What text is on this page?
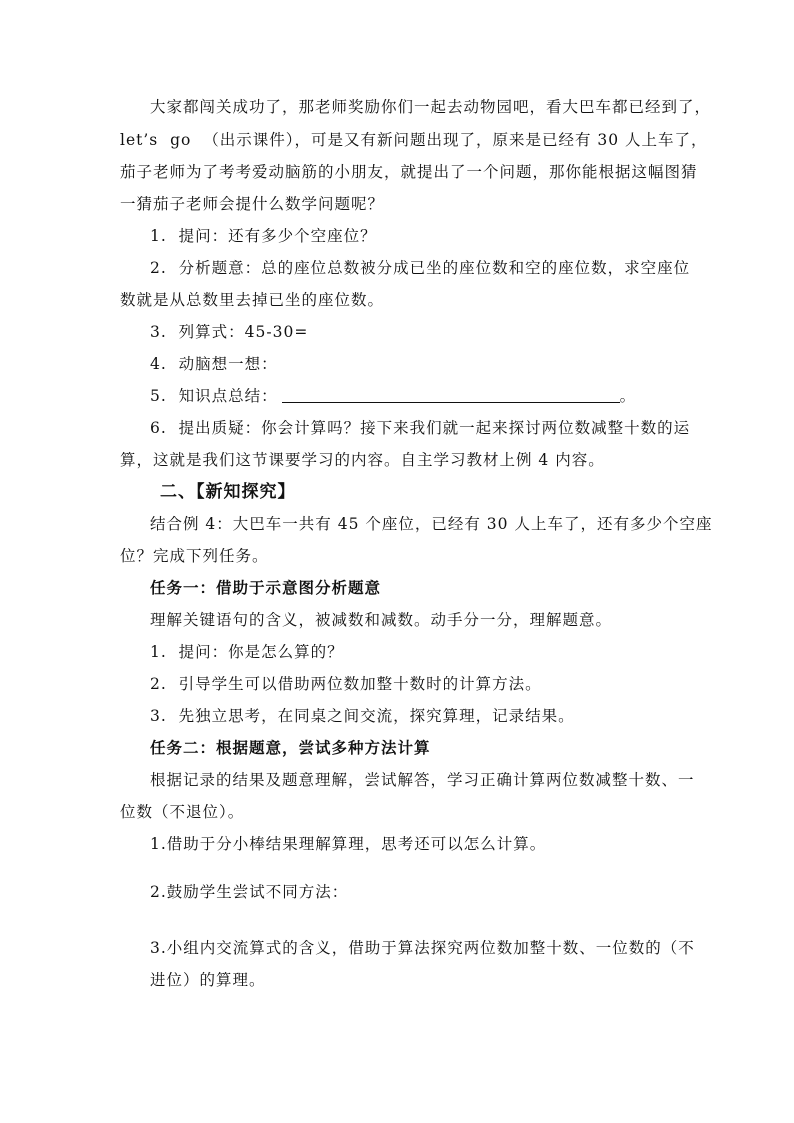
大家都闯关成功了，那老师奖励你们一起去动物园吧，看大巴车都已经到了，
let’s  go  （出示课件），可是又有新问题出现了，原来是已经有 30 人上车了，
茄子老师为了考考爱动脑筋的小朋友，就提出了一个问题，那你能根据这幅图猜
一猜茄子老师会提什么数学问题呢？
1.  提问：还有多少个空座位？
2.  分析题意：总的座位总数被分成已坐的座位数和空的座位数，求空座位
数就是从总数里去掉已坐的座位数。
3.  列算式：45-30=
4.  动脑想一想：
5.  知识点总结：	。
6.  提出质疑：你会计算吗？接下来我们就一起来探讨两位数减整十数的运
算，这就是我们这节课要学习的内容。自主学习教材上例 4 内容。
二、【新知探究】
结合例 4：大巴车一共有 45 个座位，已经有 30 人上车了，还有多少个空座
位？完成下列任务。
任务一：借助于示意图分析题意
理解关键语句的含义，被减数和减数。动手分一分，理解题意。
1.  提问：你是怎么算的？
2.  引导学生可以借助两位数加整十数时的计算方法。
3.  先独立思考，在同桌之间交流，探究算理，记录结果。
任务二：根据题意，尝试多种方法计算
根据记录的结果及题意理解，尝试解答，学习正确计算两位数减整十数、一
位数（不退位）。
1.借助于分小棒结果理解算理，思考还可以怎么计算。
2.鼓励学生尝试不同方法：
3.小组内交流算式的含义，借助于算法探究两位数加整十数、一位数的（不
进位）的算理。
